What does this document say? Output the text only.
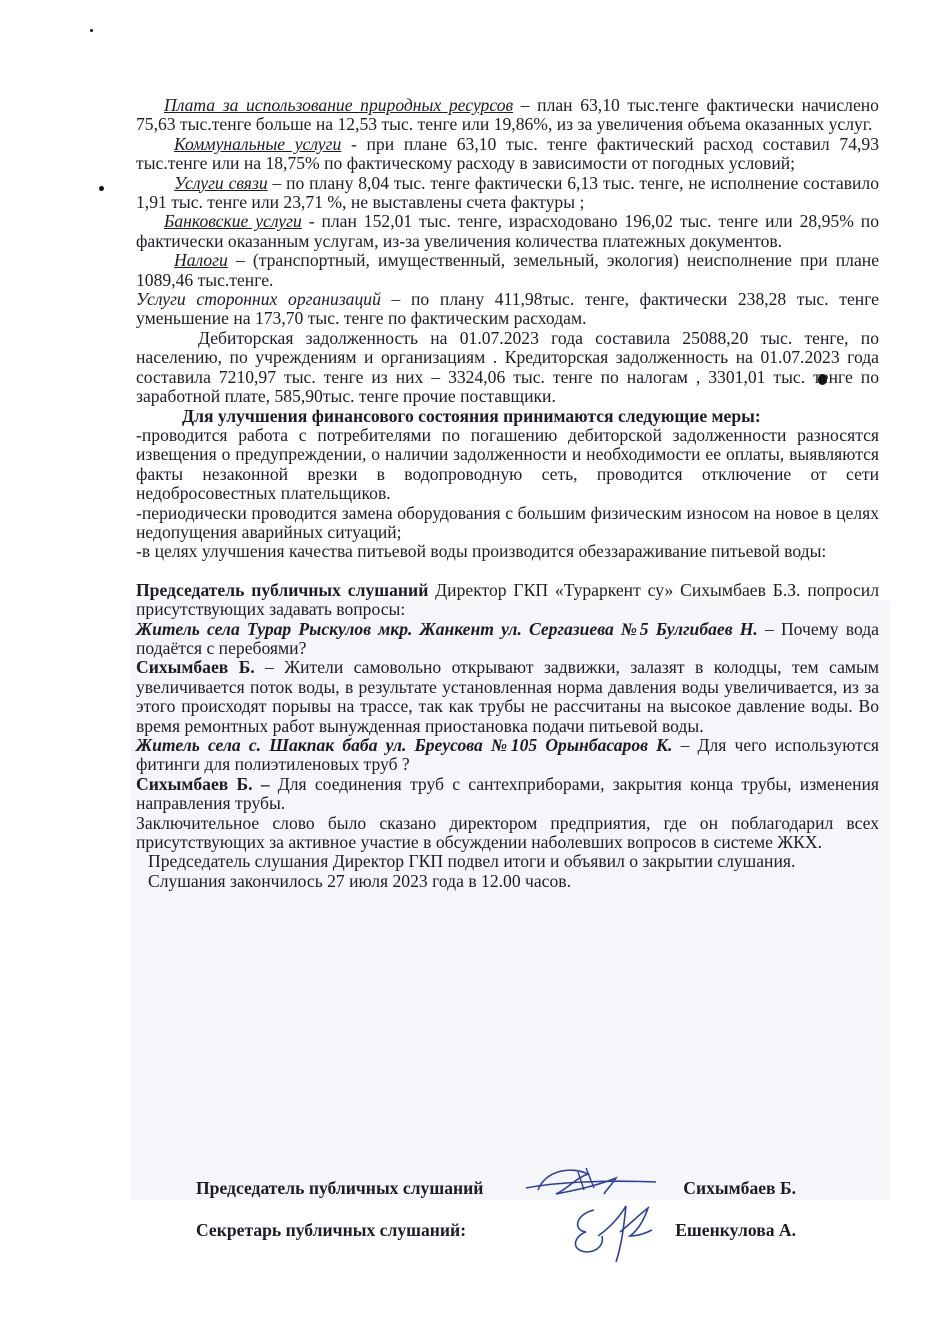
Плата за использование природных ресурсов – план 63,10 тыс.тенге фактически начислено 75,63 тыс.тенге больше на 12,53 тыс. тенге или 19,86%, из за увеличения объема оказанных услуг.

Коммунальные услуги - при плане 63,10 тыс. тенге фактический расход составил 74,93 тыс.тенге или на 18,75% по фактическому расходу в зависимости от погодных условий;

Услуги связи – по плану 8,04 тыс. тенге фактически 6,13 тыс. тенге, не исполнение составило 1,91 тыс. тенге или 23,71 %, не выставлены счета фактуры ;

Банковские услуги - план 152,01 тыс. тенге, израсходовано 196,02 тыс. тенге или 28,95% по фактически оказанным услугам, из-за увеличения количества платежных документов.

Налоги – (транспортный, имущественный, земельный, экология) неисполнение при плане 1089,46 тыс.тенге.

Услуги сторонних организаций – по плану 411,98тыс. тенге, фактически 238,28 тыс. тенге уменьшение на 173,70 тыс. тенге по фактическим расходам.

Дебиторская задолженность на 01.07.2023 года составила 25088,20 тыс. тенге, по населению, по учреждениям и организациям . Кредиторская задолженность на 01.07.2023 года составила 7210,97 тыс. тенге из них – 3324,06 тыс. тенге по налогам , 3301,01 тыс. тенге по заработной плате, 585,90тыс. тенге прочие поставщики.

Для улучшения финансового состояния принимаются следующие меры:

-проводится работа с потребителями по погашению дебиторской задолженности разносятся извещения о предупреждении, о наличии задолженности и необходимости ее оплаты, выявляются факты незаконной врезки в водопроводную сеть, проводится отключение от сети недобросовестных плательщиков.

-периодически проводится замена оборудования с большим физическим износом на новое в целях недопущения аварийных ситуаций;

-в целях улучшения качества питьевой воды производится обеззараживание питьевой воды:

Председатель публичных слушаний Директор ГКП «Тураркент су» Сихымбаев Б.З. попросил присутствующих задавать вопросы:

Житель села Турар Рыскулов мкр. Жанкент ул. Сергазиева №5 Булгибаев Н. – Почему вода подаётся с перебоями?

Сихымбаев Б. – Жители самовольно открывают задвижки, залазят в колодцы, тем самым увеличивается поток воды, в результате установленная норма давления воды увеличивается, из за этого происходят порывы на трассе, так как трубы не рассчитаны на высокое давление воды. Во время ремонтных работ вынужденная приостановка подачи питьевой воды.

Житель села с. Шакпак баба ул. Бреусова №105 Орынбасаров К. – Для чего используются фитинги для полиэтиленовых труб ?

Сихымбаев Б. – Для соединения труб с сантехприборами, закрытия конца трубы, изменения направления трубы.

Заключительное слово было сказано директором предприятия, где он поблагодарил всех присутствующих за активное участие в обсуждении наболевших вопросов в системе ЖКХ.

Председатель слушания Директор ГКП подвел итоги и объявил о закрытии слушания.

Слушания закончилось 27 июля 2023 года в 12.00 часов.

Председатель публичных слушаний	Сихымбаев Б.
Секретарь публичных слушаний:	Ешенкулова А.
